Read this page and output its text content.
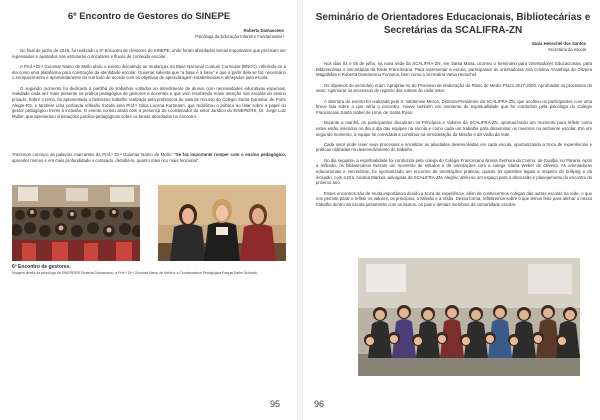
6º Encontro de Gestores do SINEPE
Roberta Damasceno
Psicóloga da Educação Infantil e Fundamental I

No final de junho de 2016, foi realizado o 6º Encontro de Gestores do SINEPE, onde foram abordados temas importantes que precisam ser repensados e ajustados nas estruturas curriculares e fluxos de conteúdo escolar.

A Prof.ª Dr.ª Guiomar Namo de Mello abriu o evento discutindo as mudanças na Base Nacional Comum Curricular (BNCC), referindo-se a ela como uma plataforma para construção da identidade escolar. Guiomar salienta que “a base é a base” e que a partir dela se faz necessário o enriquecimento e aprofundamento do currículo de acordo com os objetivos de aprendizagem estabelecidos e almejados pela escola.

O segundo momento foi dedicado à partilha de trabalhos voltados ao atendimento de alunos com necessidades educativas especiais, realidade cada vez mais presente na prática pedagógica de gestores e docentes e que vem recebendo maior atenção nas escolas do ensino privado. Sobre o tema, foi apresentado o belíssimo trabalho realizado pela professora de sala de recurso do Colégio Santa Dorotéia, de Porto Alegre-RS, e também uma profunda reflexão trazida pela Prof.ª Gilca Lucena Kortmann, que mobilizou o público ao falar sobre o papel do gestor pedagógico frente à inclusão. O evento contou ainda com a presença do coordenador do setor Jurídico do SINEPE/RS, Dr. Jorge Luiz Muller, que apresentou orientações jurídico-pedagógicas sobre os temas abordados no encontro.

Trazemos conosco as palavras marcantes da Prof.ª Dr.ª Guiomar Namo de Mello: “Se faz importante romper com o ensino pedagógico, aprender menos e em mais profundidade o conteúdo, detalhá-lo, quanto mais rico mais funcional”.
6º Encontro de gestores.
Imagem direita da psicóloga da SINEPE/RS Roberta Damasceno, a Prof.ª Dr.ª Guiomar Namo de Mello e a Coordenadora Pedagógica Raquel Belim Schmidt.
95
Seminário de Orientadores Educacionais, Bibliotecárias e Secretárias da SCALIFRA-ZN
Vania Henschel dos Santos
Secretária da escola

Nos dias 04 e 05 de julho, na nova sede da SCALIFRA-ZN, em Santa Maria, ocorreu o Seminário para Orientadores Educacionais, para Bibliotecárias e Secretárias da Rede Franciscana. Para representar a escola, participaram as orientadoras Ana Cristina Azambuja de Oliveira Magalhães e Roberta Damasceno Fonseca, bem como a secretária Vania Henschel.

Os objetivos do seminário eram: Apropriar-se do Processo de elaboração do Plano de Médio Prazo 2017-2020; Aprofundar os processos do setor; Aprimorar os processos de registro das rotinas de cada setor.

A abertura do evento foi realizada pela Ir. Valdemise Meron, Diretora-Presidente da SCALIFRA-ZN, que acolheu os participantes com uma breve fala sobre o que seria o encontro. Houve também um momento de espiritualidade que foi conduzido pela psicóloga do Colégio Franciscano Santa Isabel de Lima, de Santa Rosa.

Durante a manhã, os participantes discutiram os Princípios e Valores da SCALIFRA-ZN, oportunizando um momento para refletir como estes estão inseridos no dia a dia das equipes na escola e como cada um trabalha para disseminar os mesmos no ambiente escolar. Em um segundo momento, a equipe foi convidada a contribuir na remodelação da Missão e da Visão da rede.

Cada setor pode rever seus processos e socializar as atividades desenvolvidas em cada escola, oportunizando a troca de experiências e práticas utilizadas no desenvolvimento do trabalho.

No dia seguinte, a espiritualidade foi conduzida pela colega do Colégio Franciscano Nossa Senhora do Carmo, de Guaíba, no Paraná. Após a reflexão, os bibliotecários tiveram um momento de estudos e de orientações com a colega Glaíra Weber de Oliveira. As orientadoras educacionais e secretárias, foi oportunizado um encontro de orientações práticas, quanto às questões legais a respeito do bullying e da inclusão, com a Dra. Andrea Markus, advogada da SCALIFRA-ZN. Alegrar, abriu-se um espaço para a discussão e planejamento do encontro do próximo ano.

Esses encontros são de muita importância devido a troca de experiência, além de conhecermos colegas das outras escolas da rede, o que nos permite parar e refletir os valores, os princípios, a Missão e a Visão. Dessa forma, refletiremos sobre o que temos feito para alinhar o nosso trabalho dentro da escola juntamente com os alunos, os pais e demais membros da comunidade escolar.

96
